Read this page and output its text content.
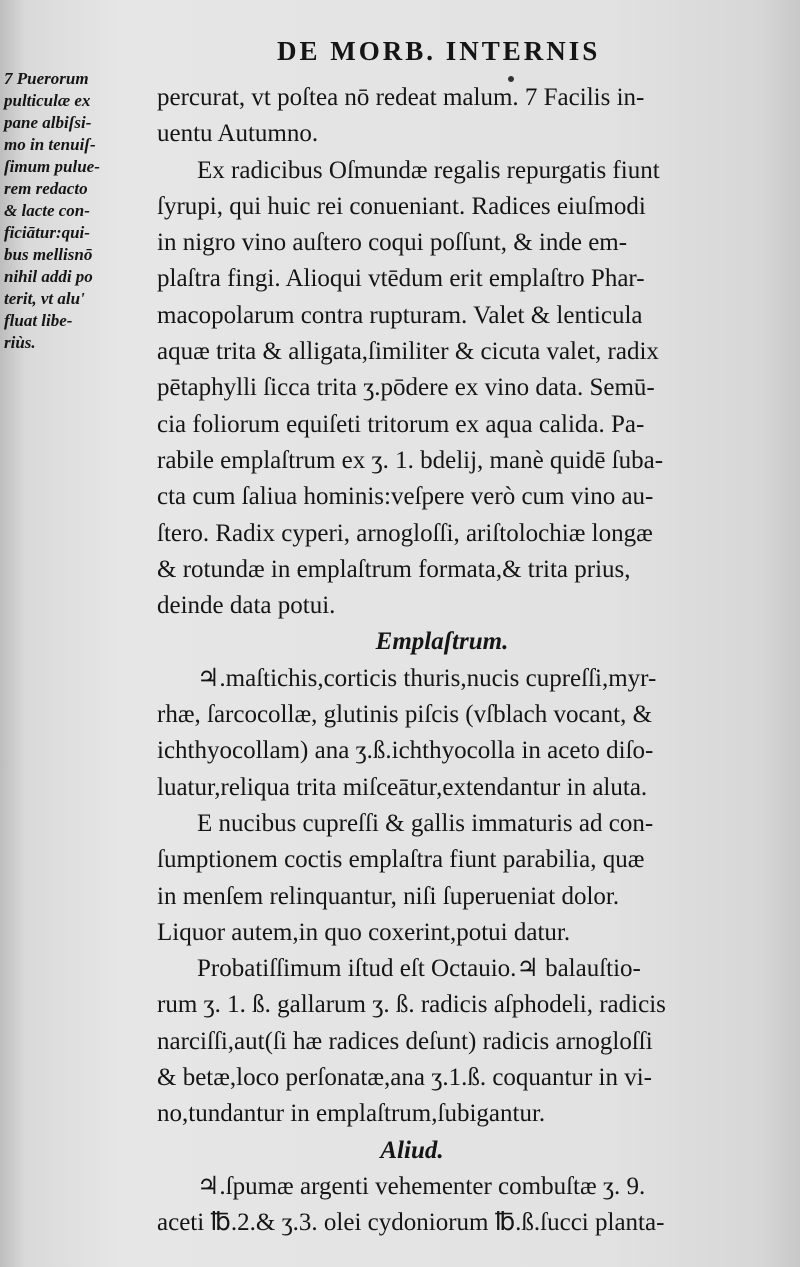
DE MORB. INTERNIS
7 Puerorum
pulticulæ ex
pane albiſsi-
mo in tenuiſ-
ſimum pulue-
rem redacto
& lacte con-
ficiātur:qui-
bus mellisnō
nihil addi po
terit, vt alu'
fluat libe-
riùs.
percurat, vt poſtea nō redeat malum. 7 Facilis in-
uentu Autumno.
Ex radicibus Oſmundæ regalis repurgatis fiunt
ſyrupi, qui huic rei conueniant. Radices eiuſmodi
in nigro vino auſtero coqui poſſunt, & inde em-
plaſtra fingi. Alioqui vtēdum erit emplaſtro Phar-
macopolarum contra rupturam. Valet & lenticula
aquæ trita & alligata,ſimiliter & cicuta valet, radix
pētaphylli ſicca trita ʒ.pōdere ex vino data. Semū-
cia foliorum equiſeti tritorum ex aqua calida. Pa-
rabile emplaſtrum ex ʒ. 1. bdelij, manè quidē ſuba-
cta cum ſaliua hominis:veſpere verò cum vino au-
ſtero. Radix cyperi, arnogloſſi, ariſtolochiæ longæ
& rotundæ in emplaſtrum formata,& trita prius,
deinde data potui.
Emplaſtrum.
♃.maſtichis,corticis thuris,nucis cupreſſi,myr-
rhæ, ſarcocollæ, glutinis piſcis (vſblach vocant, &
ichthyocollam) ana ʒ.ß.ichthyocolla in aceto diſo-
luatur,reliqua trita miſceātur,extendantur in aluta.
E nucibus cupreſſi & gallis immaturis ad con-
ſumptionem coctis emplaſtra fiunt parabilia, quæ
in menſem relinquantur, niſi ſuperueniat dolor.
Liquor autem,in quo coxerint,potui datur.
Probatiſſimum iſtud eſt Octauio.♃ balauſtio-
rum ʒ. 1. ß. gallarum ʒ. ß. radicis aſphodeli, radicis
narciſſi,aut(ſi hæ radices deſunt) radicis arnogloſſi
& betæ,loco perſonatæ,ana ʒ.1.ß. coquantur in vi-
no,tundantur in emplaſtrum,ſubigantur.
Aliud.
♃.ſpumæ argenti vehementer combuſtæ ʒ. 9.
aceti ℔.2.& ʒ.3. olei cydoniorum ℔.ß.ſucci planta-
